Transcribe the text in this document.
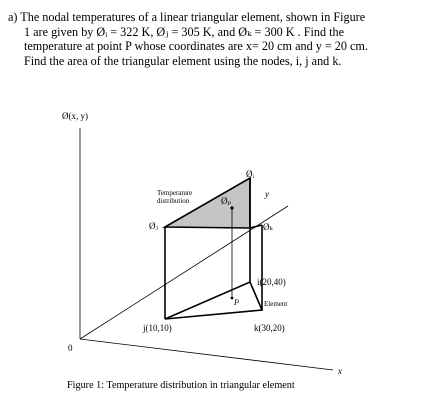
a) The nodal temperatures of a linear triangular element, shown in Figure
1 are given by Øᵢ = 322 K, Øⱼ = 305 K, and Øₖ = 300 K . Find the
temperature at point P whose coordinates are x= 20 cm and y = 20 cm.
Find the area of the triangular element using the nodes, i, j and k.
Ø(x, y)
0
x
y
Temperature
distribution
Øᵢ
Øⱼ	Øₖ
Øₚ
P
i(20,40)
j(10,10)	k(30,20)
Element
Figure 1: Temperature distribution in triangular element
